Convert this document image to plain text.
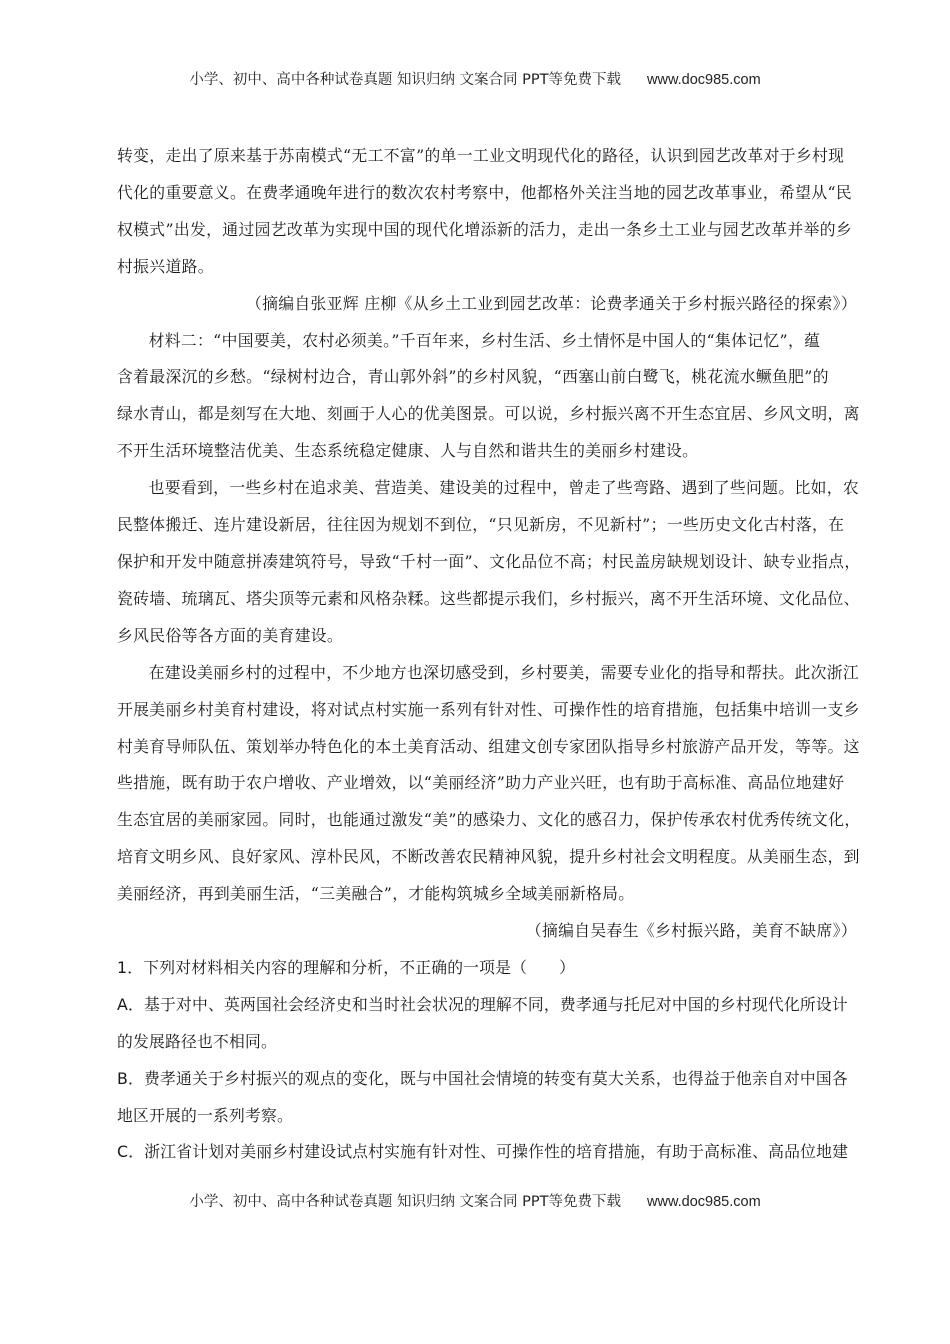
小学、初中、高中各种试卷真题 知识归纳 文案合同 PPT等免费下载 www.doc985.com
转变，走出了原来基于苏南模式“无工不富”的单一工业文明现代化的路径，认识到园艺改革对于乡村现
代化的重要意义。在费孝通晚年进行的数次农村考察中，他都格外关注当地的园艺改革事业，希望从“民
权模式”出发，通过园艺改革为实现中国的现代化增添新的活力，走出一条乡土工业与园艺改革并举的乡
村振兴道路。
（摘编自张亚辉 庄柳《从乡土工业到园艺改革：论费孝通关于乡村振兴路径的探索》）
材料二：“中国要美，农村必须美。”千百年来，乡村生活、乡土情怀是中国人的“集体记忆”，蕴
含着最深沉的乡愁。“绿树村边合，青山郭外斜”的乡村风貌，“西塞山前白鹭飞，桃花流水鳜鱼肥”的
绿水青山，都是刻写在大地、刻画于人心的优美图景。可以说，乡村振兴离不开生态宜居、乡风文明，离
不开生活环境整洁优美、生态系统稳定健康、人与自然和谐共生的美丽乡村建设。
也要看到，一些乡村在追求美、营造美、建设美的过程中，曾走了些弯路、遇到了些问题。比如，农
民整体搬迁、连片建设新居，往往因为规划不到位，“只见新房，不见新村”；一些历史文化古村落，在
保护和开发中随意拼凑建筑符号，导致“千村一面”、文化品位不高；村民盖房缺规划设计、缺专业指点，
瓷砖墙、琉璃瓦、塔尖顶等元素和风格杂糅。这些都提示我们，乡村振兴，离不开生活环境、文化品位、
乡风民俗等各方面的美育建设。
在建设美丽乡村的过程中，不少地方也深切感受到，乡村要美，需要专业化的指导和帮扶。此次浙江
开展美丽乡村美育村建设，将对试点村实施一系列有针对性、可操作性的培育措施，包括集中培训一支乡
村美育导师队伍、策划举办特色化的本土美育活动、组建文创专家团队指导乡村旅游产品开发，等等。这
些措施，既有助于农户增收、产业增效，以“美丽经济”助力产业兴旺，也有助于高标准、高品位地建好
生态宜居的美丽家园。同时，也能通过激发“美”的感染力、文化的感召力，保护传承农村优秀传统文化，
培育文明乡风、良好家风、淳朴民风，不断改善农民精神风貌，提升乡村社会文明程度。从美丽生态，到
美丽经济，再到美丽生活，“三美融合”，才能构筑城乡全域美丽新格局。
（摘编自吴春生《乡村振兴路，美育不缺席》）
1．下列对材料相关内容的理解和分析，不正确的一项是（　　）
A．基于对中、英两国社会经济史和当时社会状况的理解不同，费孝通与托尼对中国的乡村现代化所设计
的发展路径也不相同。
B．费孝通关于乡村振兴的观点的变化，既与中国社会情境的转变有莫大关系，也得益于他亲自对中国各
地区开展的一系列考察。
C．浙江省计划对美丽乡村建设试点村实施有针对性、可操作性的培育措施，有助于高标准、高品位地建
小学、初中、高中各种试卷真题 知识归纳 文案合同 PPT等免费下载 www.doc985.com
